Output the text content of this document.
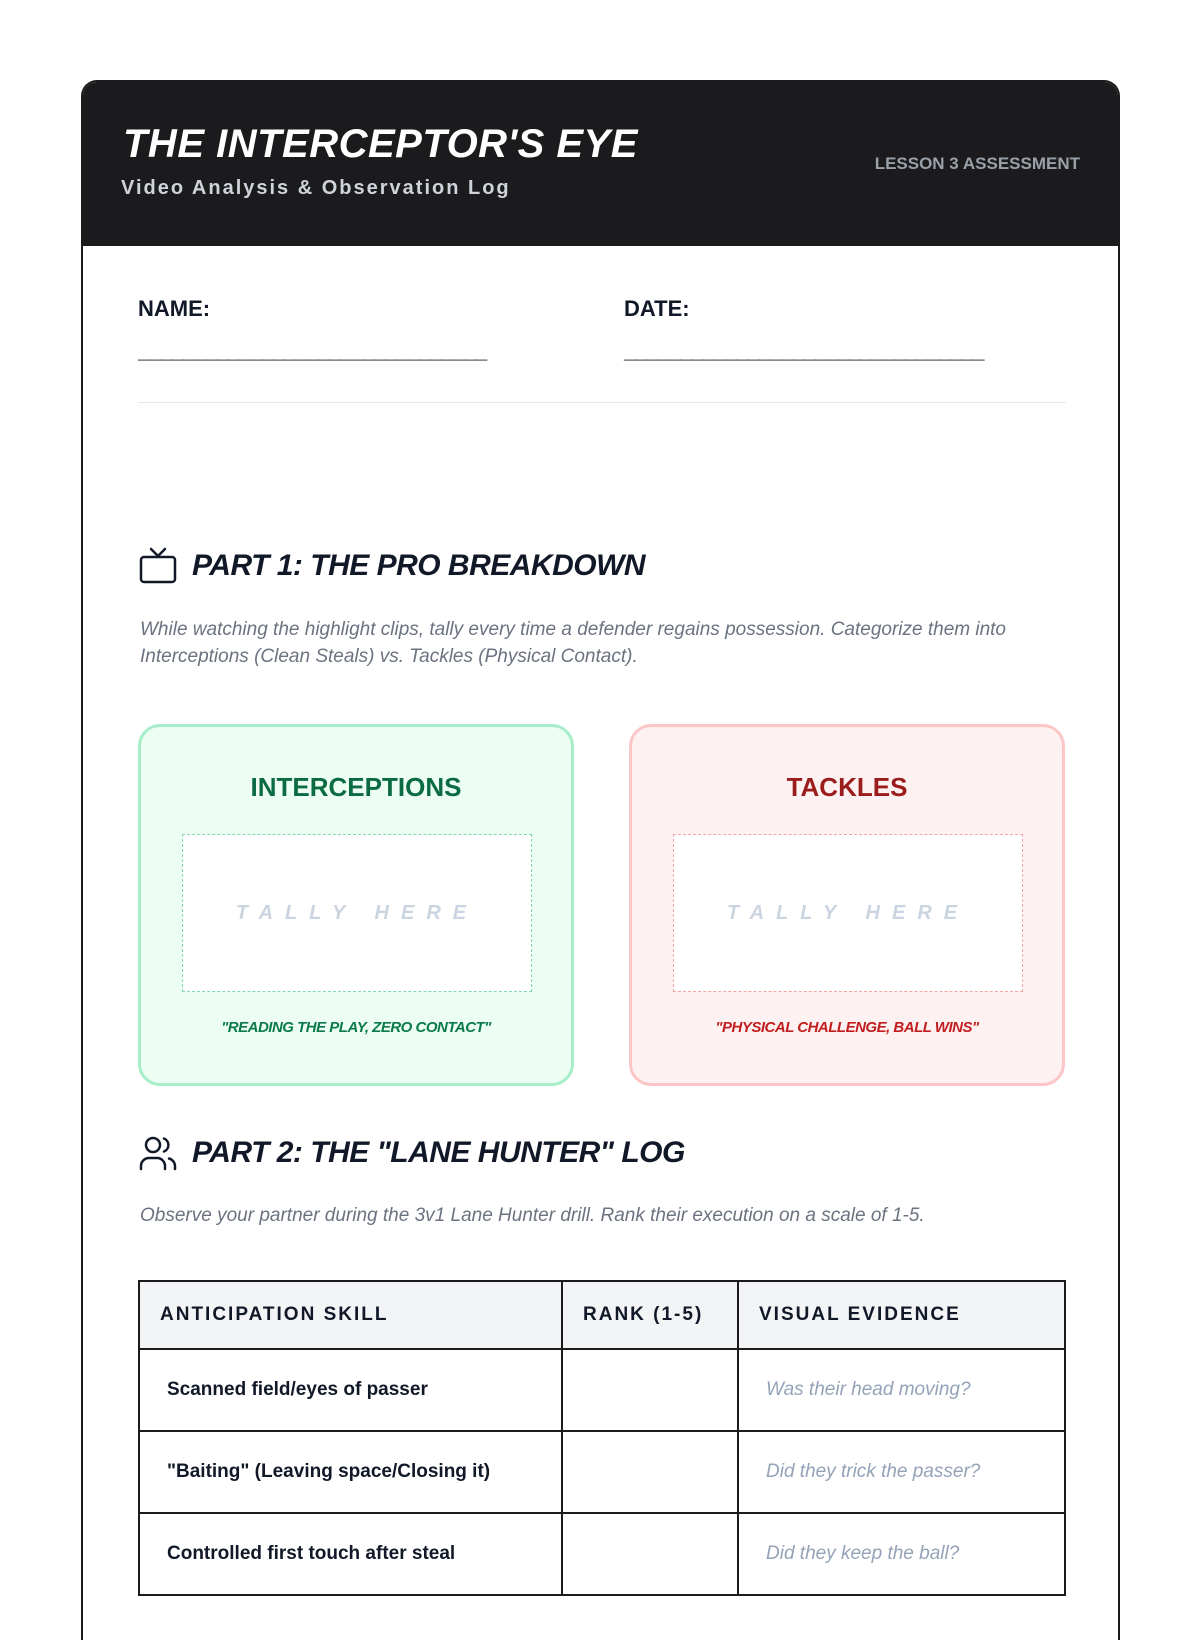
THE INTERCEPTOR'S EYE
Video Analysis & Observation Log
LESSON 3 ASSESSMENT
NAME:
_______________________________
DATE:
________________________________
PART 1: THE PRO BREAKDOWN
While watching the highlight clips, tally every time a defender regains possession. Categorize them into Interceptions (Clean Steals) vs. Tackles (Physical Contact).
INTERCEPTIONS
TALLY HERE
"READING THE PLAY, ZERO CONTACT"
TACKLES
TALLY HERE
"PHYSICAL CHALLENGE, BALL WINS"
PART 2: THE "LANE HUNTER" LOG
Observe your partner during the 3v1 Lane Hunter drill. Rank their execution on a scale of 1-5.
ANTICIPATION SKILL	RANK (1-5)	VISUAL EVIDENCE
Scanned field/eyes of passer		Was their head moving?
"Baiting" (Leaving space/Closing it)		Did they trick the passer?
Controlled first touch after steal		Did they keep the ball?
